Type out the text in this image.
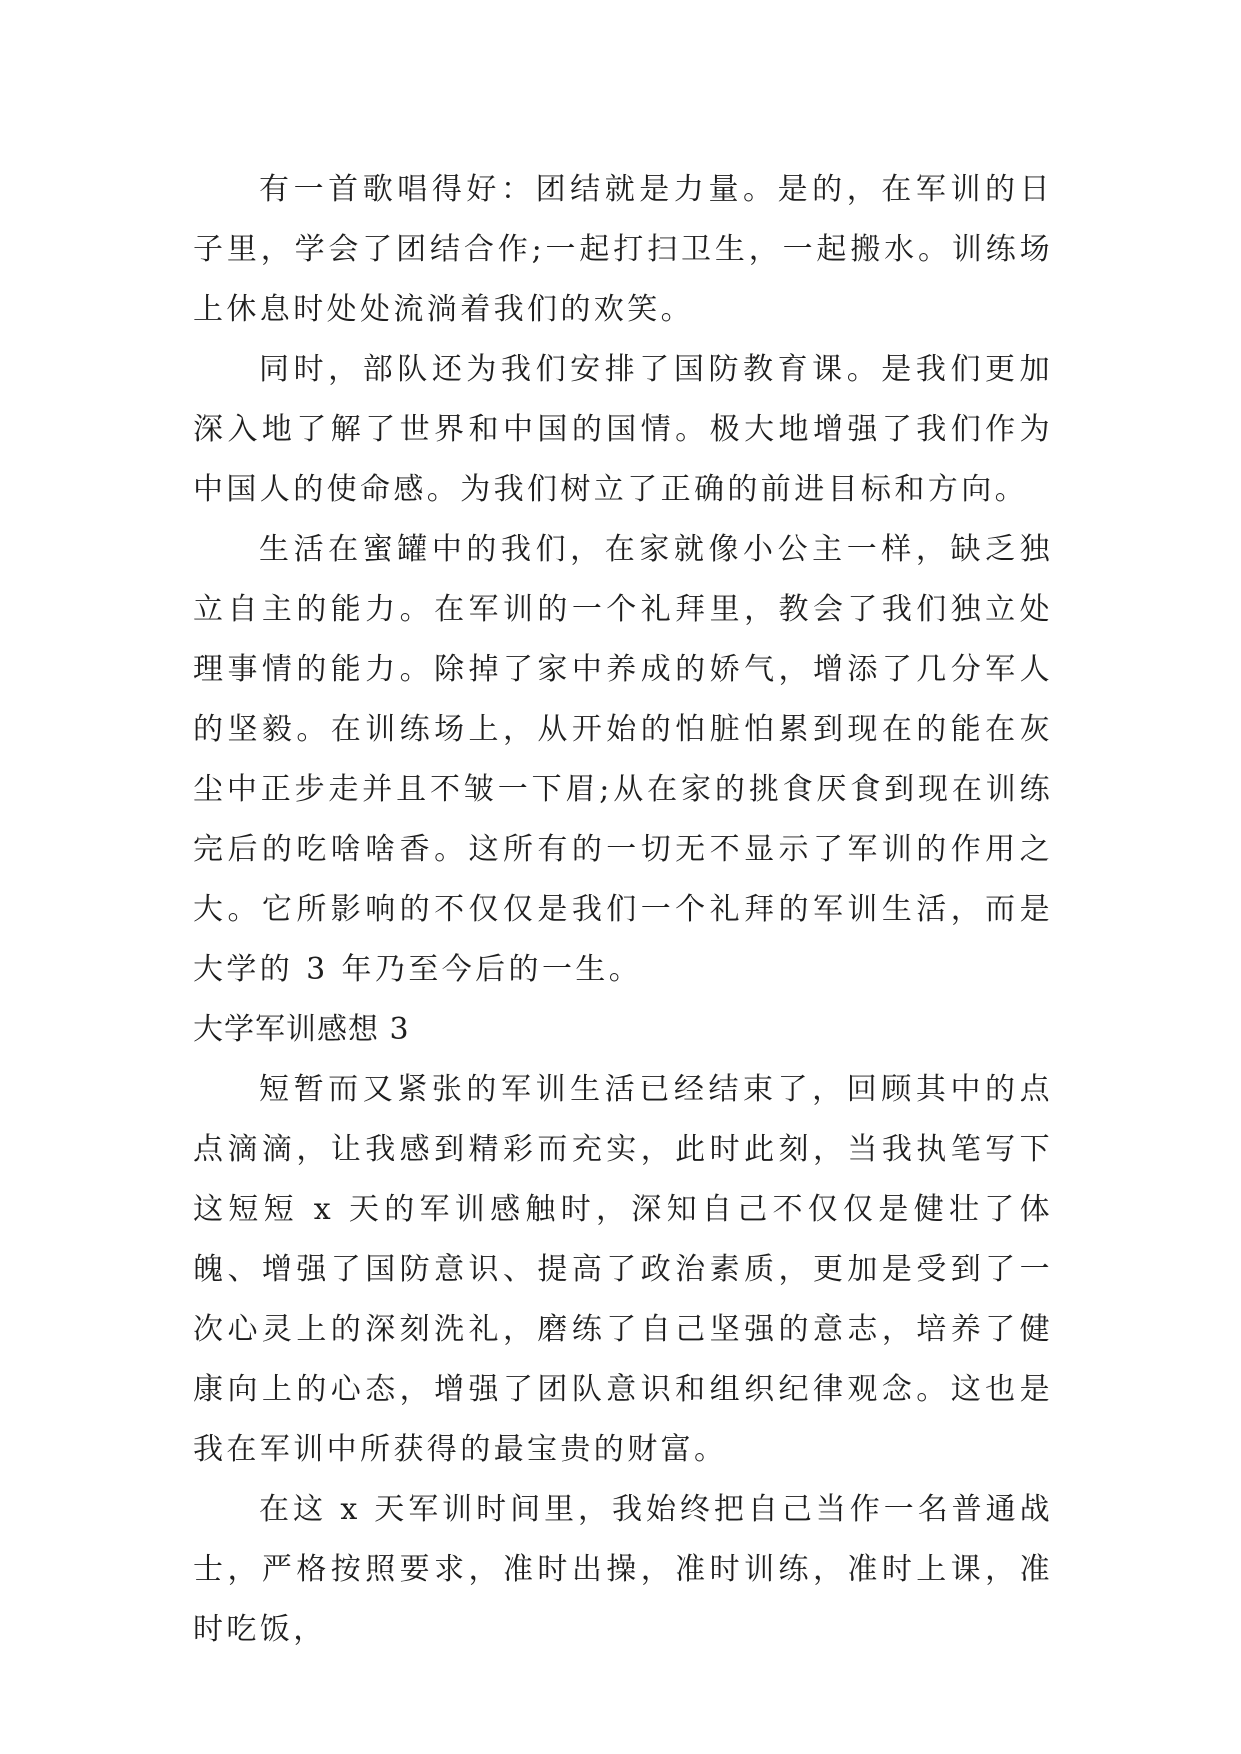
有一首歌唱得好：团结就是力量。是的，在军训的日子里，学会了团结合作;一起打扫卫生，一起搬水。训练场上休息时处处流淌着我们的欢笑。

同时，部队还为我们安排了国防教育课。是我们更加深入地了解了世界和中国的国情。极大地增强了我们作为中国人的使命感。为我们树立了正确的前进目标和方向。

生活在蜜罐中的我们，在家就像小公主一样，缺乏独立自主的能力。在军训的一个礼拜里，教会了我们独立处理事情的能力。除掉了家中养成的娇气，增添了几分军人的坚毅。在训练场上，从开始的怕脏怕累到现在的能在灰尘中正步走并且不皱一下眉;从在家的挑食厌食到现在训练完后的吃啥啥香。这所有的一切无不显示了军训的作用之大。它所影响的不仅仅是我们一个礼拜的军训生活，而是大学的 3 年乃至今后的一生。

大学军训感想 3

短暂而又紧张的军训生活已经结束了，回顾其中的点点滴滴，让我感到精彩而充实，此时此刻，当我执笔写下这短短 x 天的军训感触时，深知自己不仅仅是健壮了体魄、增强了国防意识、提高了政治素质，更加是受到了一次心灵上的深刻洗礼，磨练了自己坚强的意志，培养了健康向上的心态，增强了团队意识和组织纪律观念。这也是我在军训中所获得的最宝贵的财富。

在这 x 天军训时间里，我始终把自己当作一名普通战士，严格按照要求，准时出操，准时训练，准时上课，准时吃饭，
